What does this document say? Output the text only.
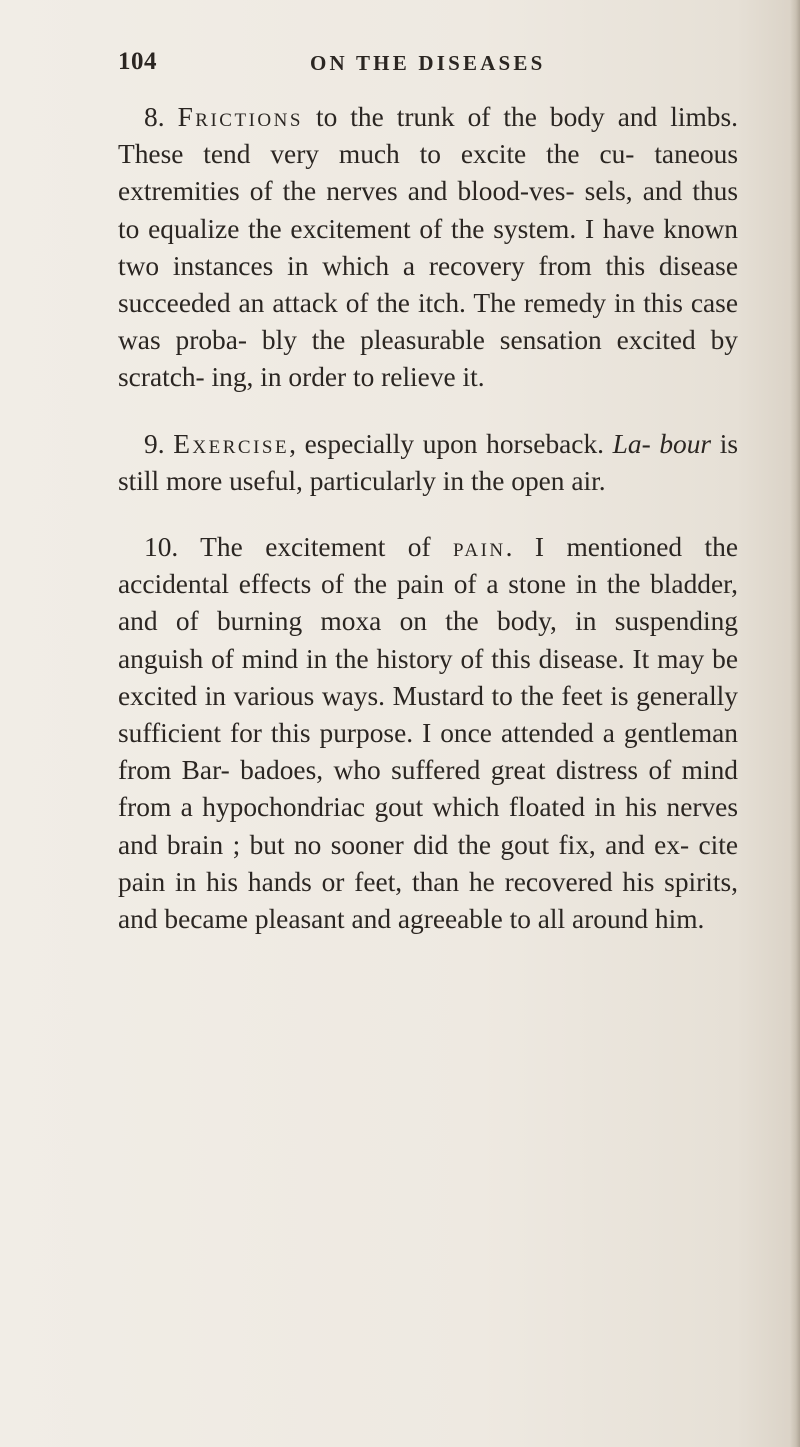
104	ON THE DISEASES

8. Frictions to the trunk of the body and limbs. These tend very much to excite the cu- taneous extremities of the nerves and blood-ves- sels, and thus to equalize the excitement of the system. I have known two instances in which a recovery from this disease succeeded an attack of the itch. The remedy in this case was proba- bly the pleasurable sensation excited by scratch- ing, in order to relieve it.

9. Exercise, especially upon horseback. La- bour is still more useful, particularly in the open air.

10. The excitement of pain. I mentioned the accidental effects of the pain of a stone in the bladder, and of burning moxa on the body, in suspending anguish of mind in the history of this disease. It may be excited in various ways. Mustard to the feet is generally sufficient for this purpose. I once attended a gentleman from Bar- badoes, who suffered great distress of mind from a hypochondriac gout which floated in his nerves and brain ; but no sooner did the gout fix, and ex- cite pain in his hands or feet, than he recovered his spirits, and became pleasant and agreeable to all around him.
